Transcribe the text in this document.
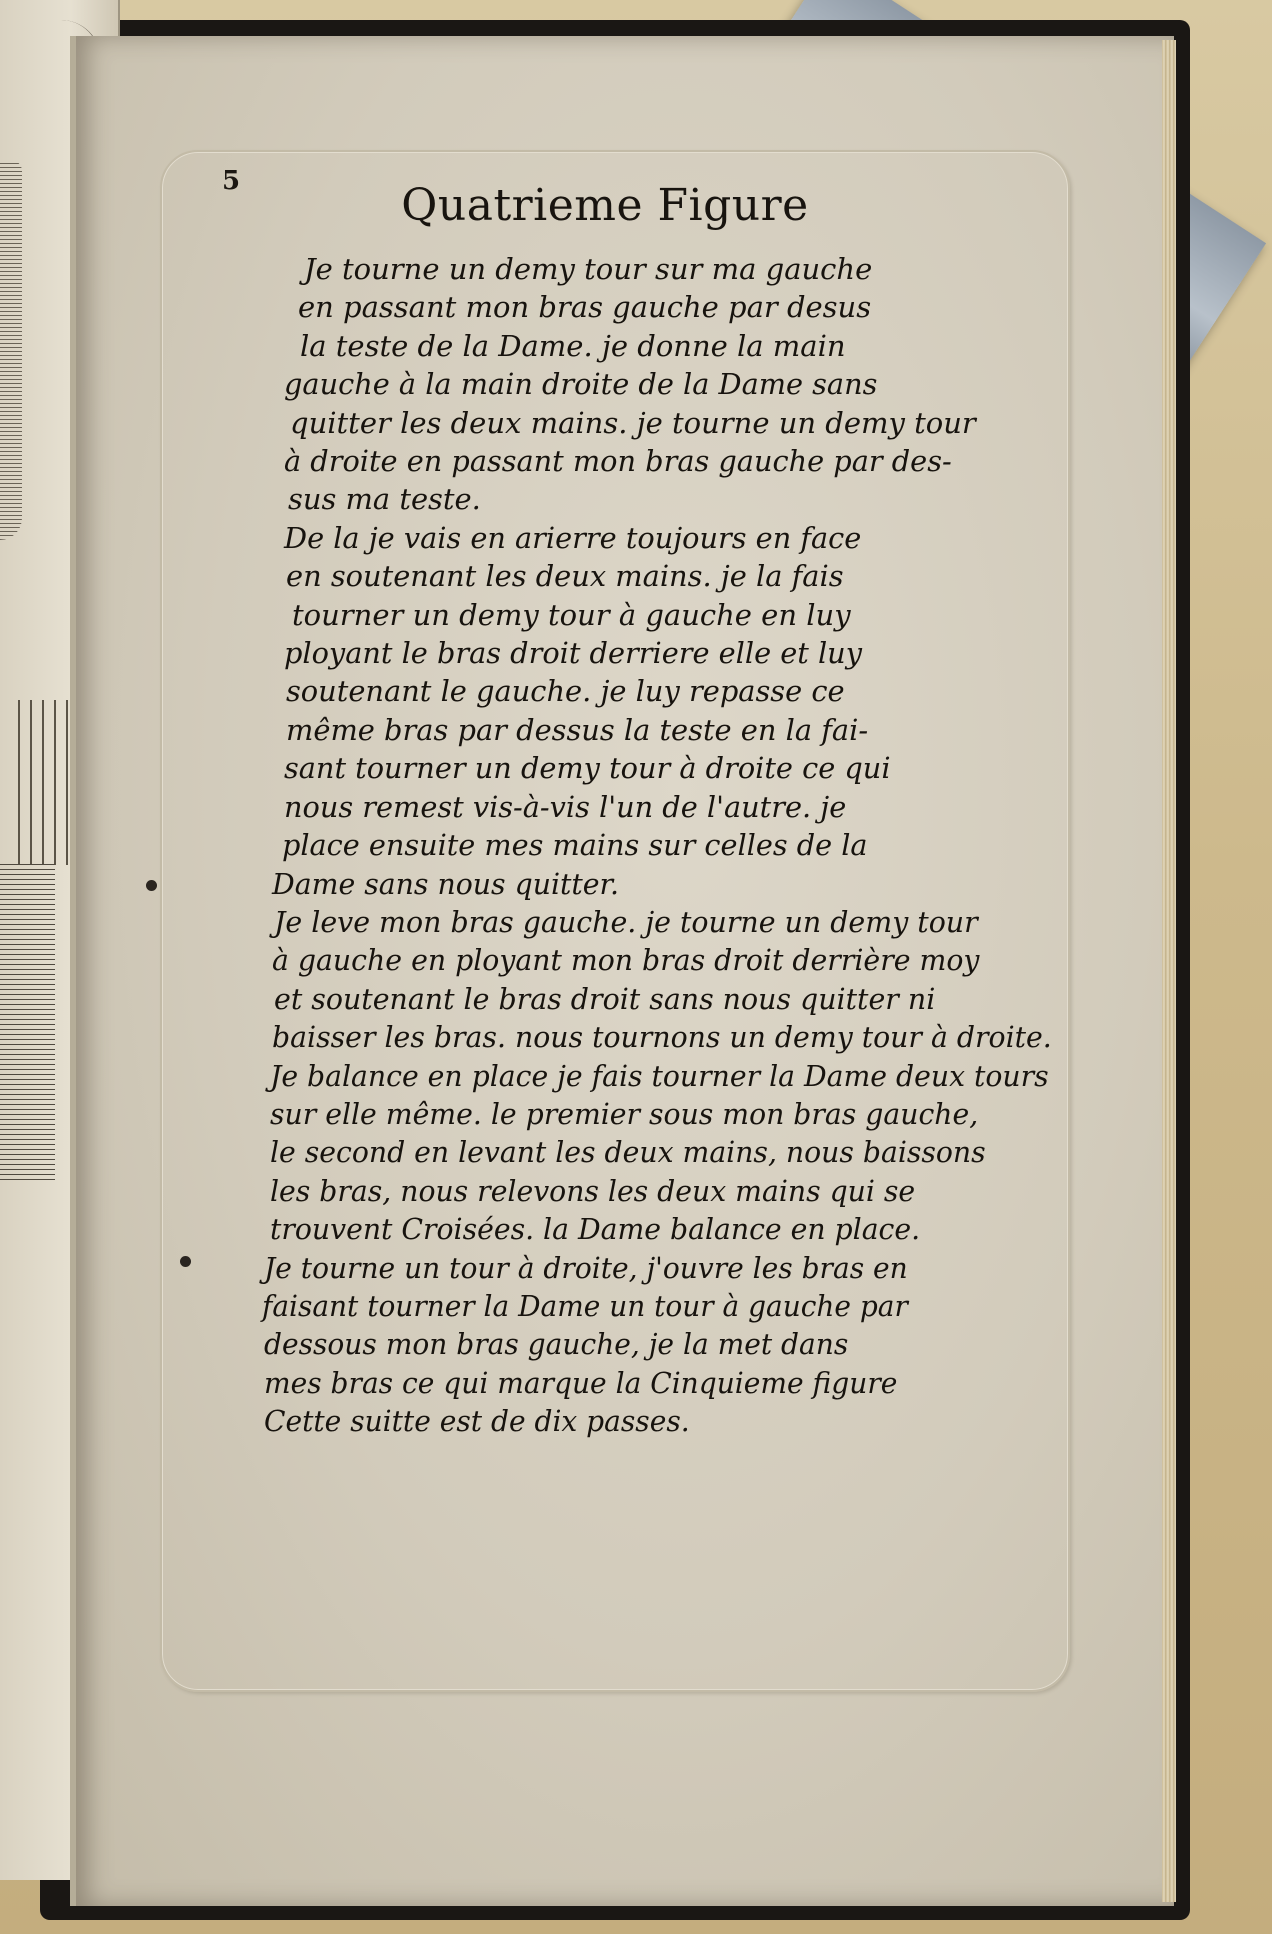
5	Quatrieme Figure
Je tourne un demy tour sur ma gauche
en passant mon bras gauche par desus
la teste de la Dame. je donne la main
gauche à la main droite de la Dame sans
quitter les deux mains. je tourne un demy tour
à droite en passant mon bras gauche par des-
sus ma teste.
De la je vais en arierre toujours en face
en soutenant les deux mains. je la fais
tourner un demy tour à gauche en luy
ployant le bras droit derriere elle et luy
soutenant le gauche. je luy repasse ce
même bras par dessus la teste en la fai-
sant tourner un demy tour à droite ce qui
nous remest vis-à-vis l'un de l'autre. je
place ensuite mes mains sur celles de la
Dame sans nous quitter.
Je leve mon bras gauche. je tourne un demy tour
à gauche en ployant mon bras droit derrière moy
et soutenant le bras droit sans nous quitter ni
baisser les bras. nous tournons un demy tour à droite.
Je balance en place je fais tourner la Dame deux tours
sur elle même. le premier sous mon bras gauche,
le second en levant les deux mains, nous baissons
les bras, nous relevons les deux mains qui se
trouvent Croisées. la Dame balance en place.
Je tourne un tour à droite, j'ouvre les bras en
faisant tourner la Dame un tour à gauche par
dessous mon bras gauche, je la met dans
mes bras ce qui marque la Cinquieme figure
Cette suitte est de dix passes.
